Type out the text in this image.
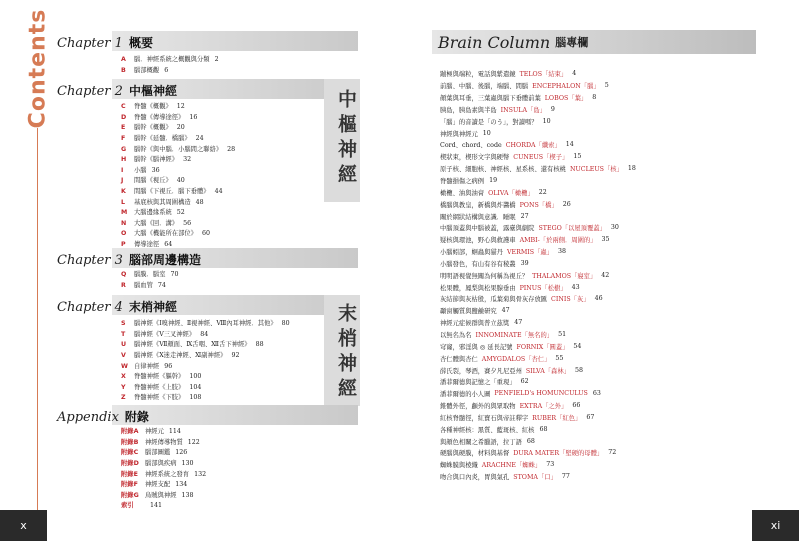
Contents Chapter 1 概要
A	腦．神經系統之概觀與分類 2
B	腦部概觀 6
中樞神經
Chapter 2 中樞神經
C	脊髓《概觀》 12
D	脊髓《傳導途徑》 16
E	腦幹《概觀》 20
F	腦幹《延髓．橋腦》 24
G	腦幹《與中腦．小腦間之聯絡》 28
H	腦幹《腦神經》 32
I	小腦 36
J	間腦《視丘》 40
K	間腦《下視丘．腦下垂體》 44
L	基底核與其周圍構造 48
M	大腦邊緣系統 52
N	大腦《回．溝》 56
O	大腦《機能所在部位》 60
P	傳導途徑 64
Chapter 3 腦部周邊構造
Q	腦膜．腦室 70
R	腦血管 74
末梢神經
Chapter 4 末梢神經
S	腦神經《Ⅰ嗅神經、Ⅱ視神經、Ⅷ內耳神經．其他》 80
T	腦神經《Ⅴ三叉神經》 84
U	腦神經《Ⅶ顏面、Ⅸ舌咽、Ⅻ舌下神經》 88
V	腦神經《Ⅹ迷走神經、Ⅺ副神經》 92
W 自律神經 96
X	脊髓神經《軀幹》 100
Y	脊髓神經《上肢》 104
Z	脊髓神經《下肢》 108
Appendix 附錄
附錄A	神經元 114
附錄B	神經傳導物質 122
附錄C	腦部圖鑑 126
附錄D 腦部與疾病 130
附錄E	神經系統之發育 132
附錄F	神經支配 134
附錄G 烏賊與神經 138
索引	141
Brain Column 腦專欄
蹦極與端粒，電話與紫遣鏡 TELOS「結束」 4
前腦、中腦、後腦，端腦、間腦 ENCEPHALON「腦」 5
顏葉與耳垂，三葉蟲與腦下垂體前葉 LOBOS「葉」 8
胰島，胰島素與半島 INSULA「島」 9
「腦」的音讀是「のう」，對讀嗎？ 10
神經與神經元 10
Cord、chord、code CHORDA「纖索」 14
楔狀束，楔形文字與硬幣 CUNEUS「楔子」 15
原子核、細胞核、神經核、星系核、還有核桃 NUCLEUS「核」 18
脊髓損傷之病例 19
橄欖、油與油膏 OLIVA「橄欖」 22
橋腦與教皇，新橋與炸醬橋 PONS「橋」 26
關於網狀結構與意識．睡眠 27
中腦頂蓋與中腦被蓋，露臺與劇院 STEGO「以屋頂覆蓋」 30
疑核與環池，野心與救護車 AMBI-「於兩側．周圍的」 35
小腦蚓部，蛔蟲與貓丹 VERMIS「蟲」 38
小腦發色，有山有谷有稜叢 39
明明語視覺無關為何稱為視丘？ THALAMOS「寢室」 42
松果體，鳳梨與松果腺垂由 PINUS「松樹」 43
灰結節與灰枯殷，瓜葉菊與骨灰存放匯 CINIS「灰」 46
顳窗觸質與鹽鹼研究 47
神經元症候群與普立茲獎 47
以無名為名 INNOMINATE「無名的」 51
穹窿，邪淫與 ◎ 延長記號 FORNIX「圓蓋」 54
杏仁體與杏仁 AMYGDALOS「杏仁」 55
薛氏裂，琴酒，賽夕凡尼亞州 SILVA「森林」 58
潘菲爾德與記憶之「重現」 62
潘菲爾德的小人圖 PENFIELD's HOMUNCULUS 63
錐體外徑，顱外的與眾取物 EXTRA「之外」 66
紅核脊髓徑，紅寶石與帝註釋字 RUBER「紅色」 67
各種神經核：黑質、藍斑核、紅核 68
與顏色相關之希臘語，拉丁語 68
硬腦與硬膜，材料與基督 DURA MATER「堅硬的母體」 72
蜘蛛膜與棱織 ARACHNE「蜘蛛」 73
吻合與口內炎，胃與氣孔 STOMA「口」 77
x	xi
